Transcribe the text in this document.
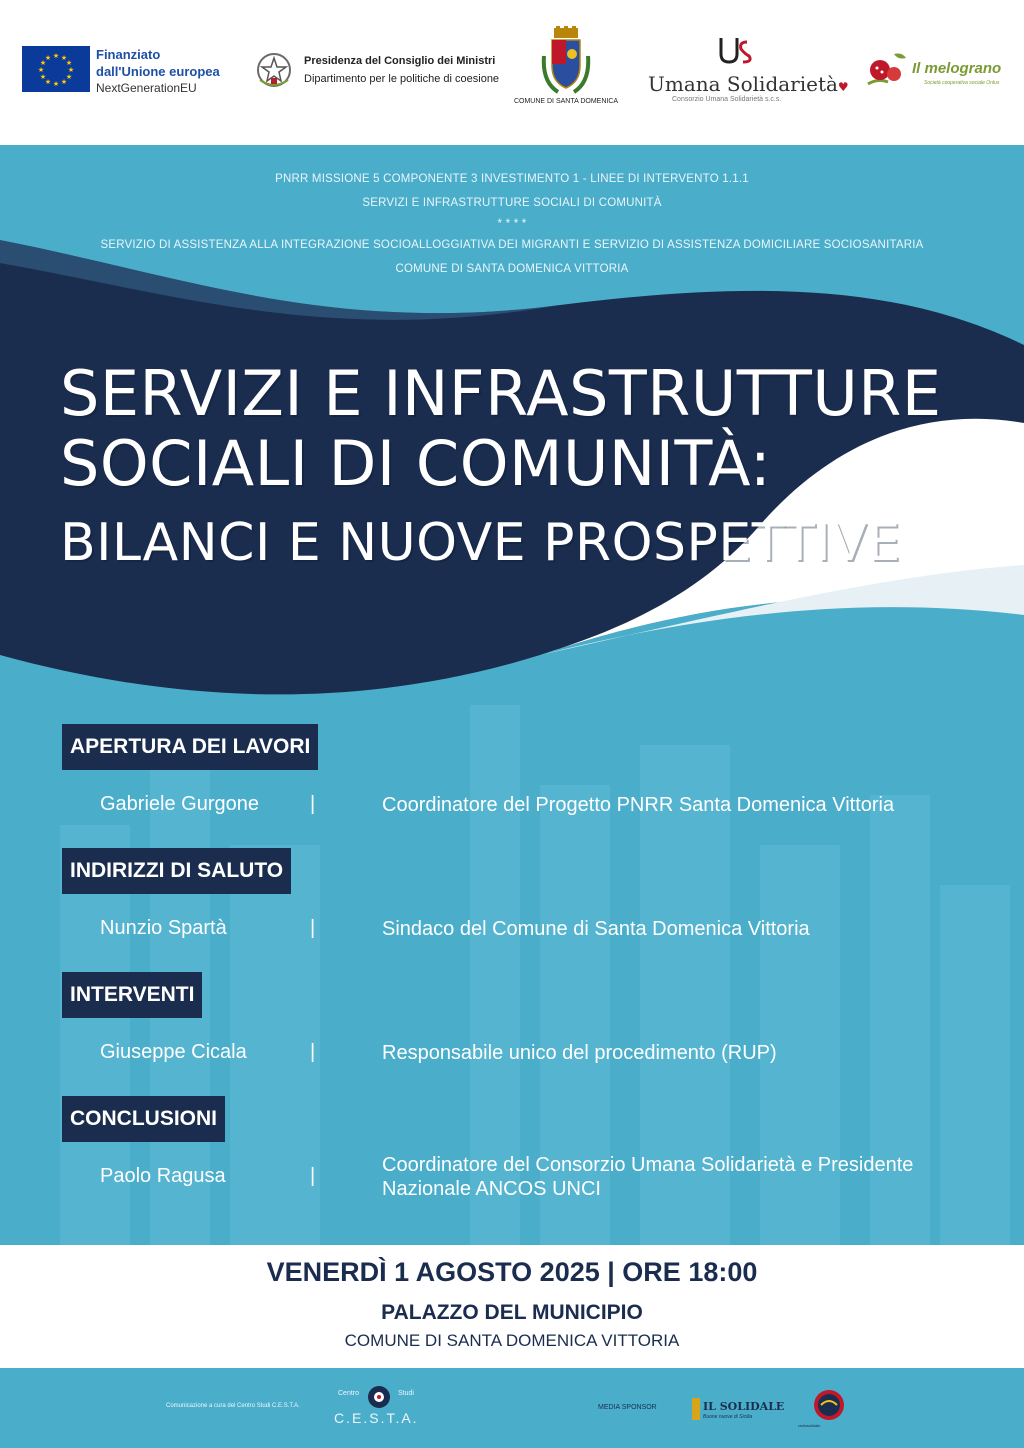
★ ★
★
★
★
★
★
★
★
★
★
★	Finanziato
dall'Unione europea
NextGenerationEU
Presidenza del Consiglio dei Ministri
Dipartimento per le politiche di coesione
COMUNE DI SANTA DOMENICA
Umana Solidarietà♥
Consorzio Umana Solidarietà s.c.s.
Il melograno
Società cooperativa sociale Onlus
PNRR MISSIONE 5 COMPONENTE 3 INVESTIMENTO 1 - LINEE DI INTERVENTO 1.1.1
SERVIZI E INFRASTRUTTURE SOCIALI DI COMUNITÀ
* * * *
SERVIZIO DI ASSISTENZA ALLA INTEGRAZIONE SOCIOALLOGGIATIVA DEI MIGRANTI E SERVIZIO DI ASSISTENZA DOMICILIARE SOCIOSANITARIA
COMUNE DI SANTA DOMENICA VITTORIA
SERVIZI E INFRASTRUTTURE
SOCIALI DI COMUNITÀ:
BILANCI E NUOVE PROSPETTIVE
APERTURA DEI LAVORI
Gabriele Gurgone	|	Coordinatore del Progetto PNRR Santa Domenica Vittoria
INDIRIZZI DI SALUTO
Nunzio Spartà	|	Sindaco del Comune di Santa Domenica Vittoria
INTERVENTI
Giuseppe Cicala	|	Responsabile unico del procedimento (RUP)
CONCLUSIONI
Paolo Ragusa	|	Coordinatore del Consorzio Umana Solidarietà e Presidente Nazionale ANCOS UNCI
VENERDÌ 1 AGOSTO 2025 | ORE 18:00
PALAZZO DEL MUNICIPIO
COMUNE DI SANTA DOMENICA VITTORIA
Comunicazione a cura del Centro Studi C.E.S.T.A.
Centro	Studi
C.E.S.T.A.
MEDIA SPONSOR	IL SOLIDALE
Buone nuove di Sicilia
radiosolidale
